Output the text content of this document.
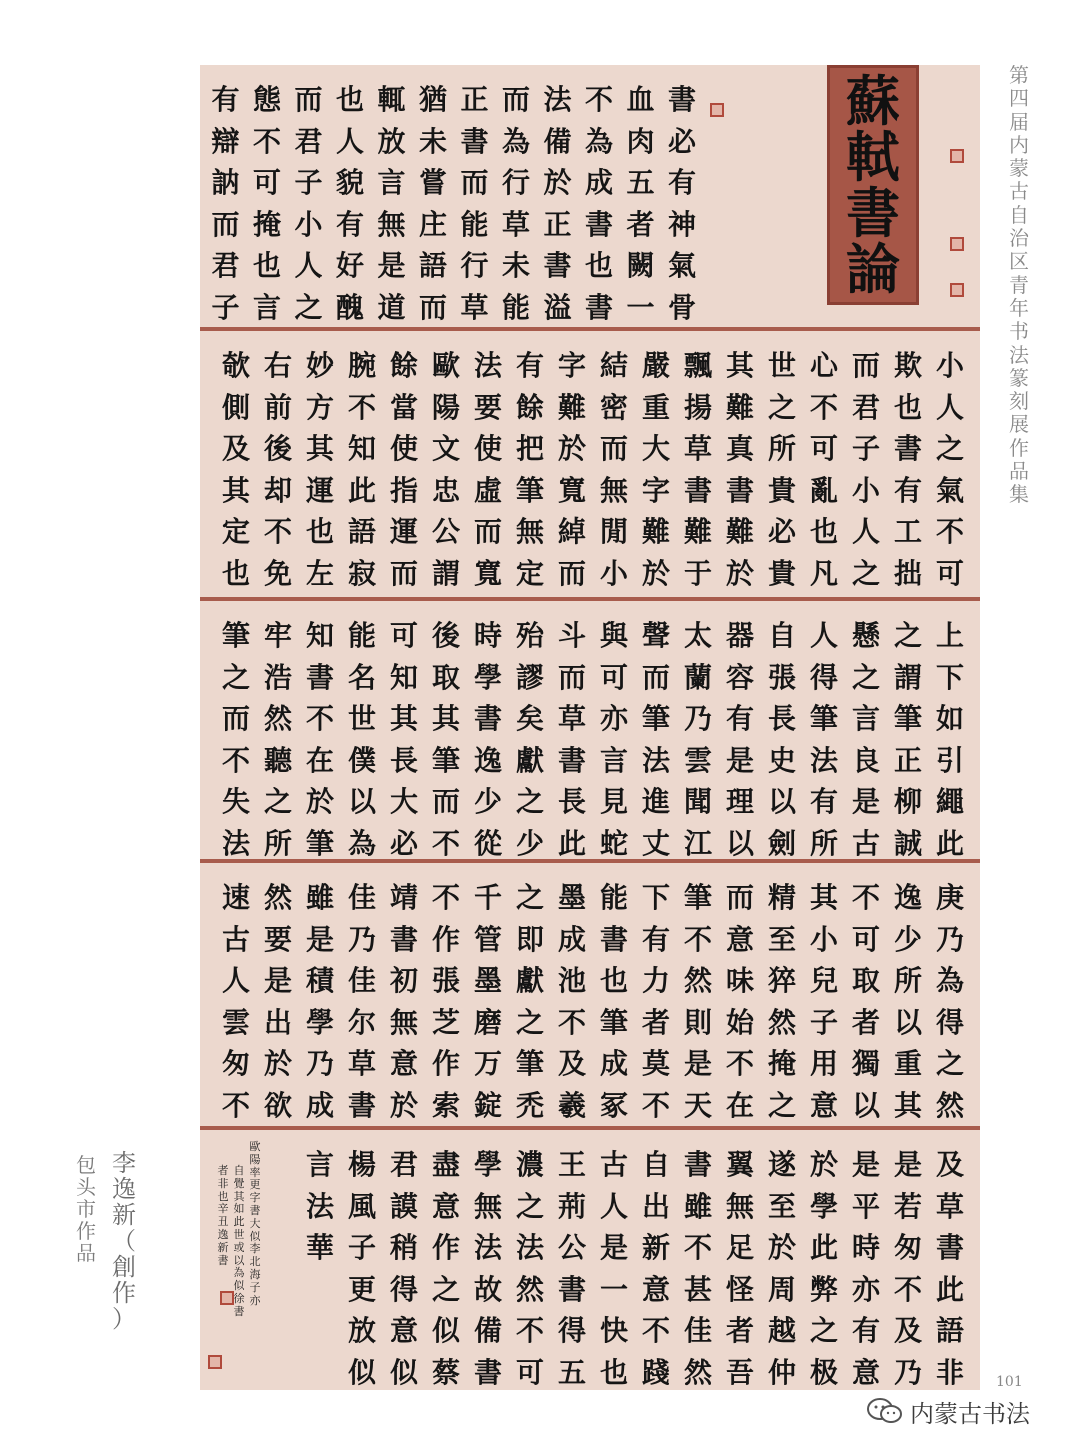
第
四
届
内
蒙
古
自
治
区
青
年
书
法
篆
刻
展
作
品
集
書
必
有
神
氣
骨
血
肉
五
者
闕
一
不
為
成
書
也
書
法
備
於
正
書
溢
而
為
行
草
未
能
正
書
而
能
行
草
猶
未
嘗
庄
語
而
輒
放
言
無
是
道
也
人
貌
有
好
醜
而
君
子
小
人
之
態
不
可
掩
也
言
有
辯
訥
而
君
子
小
人
之
氣
不
可
欺
也
書
有
工
拙
而
君
子
小
人
之
心
不
可
亂
也
凡
世
之
所
貴
必
貴
其
難
真
書
難
於
飄
揚
草
書
難
于
嚴
重
大
字
難
於
結
密
而
無
閒
小
字
難
於
寬
綽
而
有
餘
把
筆
無
定
法
要
使
虛
而
寬
歐
陽
文
忠
公
謂
餘
當
使
指
運
而
腕
不
知
此
語
寂
妙
方
其
運
也
左
右
前
後
却
不
免
欹
側
及
其
定
也
上
下
如
引
繩
此
之
謂
筆
正
柳
誠
懸
之
言
良
是
古
人
得
筆
法
有
所
自
張
長
史
以
劍
器
容
有
是
理
以
太
蘭
乃
雲
聞
江
聲
而
筆
法
進
丈
與
可
亦
言
見
蛇
斗
而
草
書
長
此
殆
謬
矣
獻
之
少
時
學
書
逸
少
從
後
取
其
筆
而
不
可
知
其
長
大
必
能
名
世
僕
以
為
知
書
不
在
於
筆
牢
浩
然
聽
之
所
筆
之
而
不
失
法
庚
乃
為
得
之
然
逸
少
所
以
重
其
不
可
取
者
獨
以
其
小
兒
子
用
意
精
至
猝
然
掩
之
而
意
味
始
不
在
筆
不
然
則
是
天
下
有
力
者
莫
不
能
書
也
筆
成
冢
墨
成
池
不
及
羲
之
即
獻
之
筆
禿
千
管
墨
磨
万
錠
不
作
張
芝
作
索
靖
書
初
無
意
於
佳
乃
佳
尔
草
書
雖
是
積
學
乃
成
然
要
是
出
於
欲
速
古
人
雲
匆
不
及
草
書
此
語
非
是
若
匆
不
及
乃
是
平
時
亦
有
意
於
學
此
弊
之
极
遂
至
於
周
越
仲
翼
無
足
怪
者
吾
書
雖
不
甚
佳
然
自
出
新
意
不
踐
古
人
是
一
快
也
王
荊
公
書
得
五
濃
之
法
然
不
可
學
無
法
故
備
書
盡
意
作
之
似
蔡
君
謨
稍
得
意
似
楊
風
子
更
放
似
言
法
華
蘇
軾
書
論
歐
陽
率
更
字
書
大
似
李
北
海
子
亦
自
覺
其
如
此
世
或
以
為
似
徐
書
者
非
也
辛
丑
逸
新
書
李
逸
新
（
創
作
）
包
头
市
作
品
101
内蒙古书法
